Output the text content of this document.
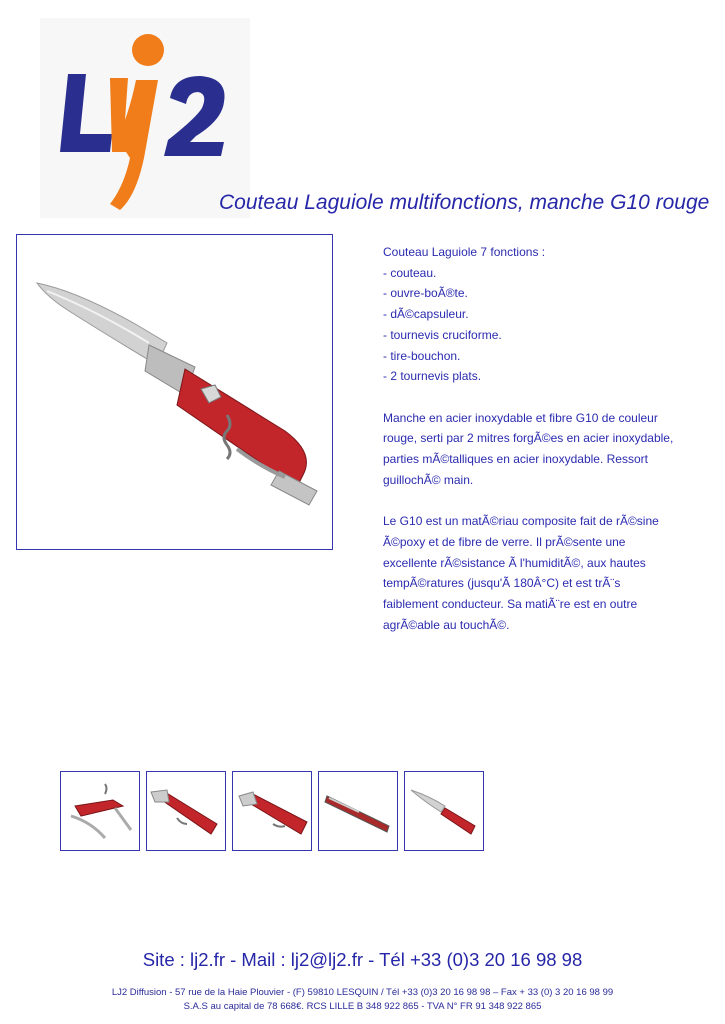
.fr
Couteau Laguiole multifonctions, manche G10 rouge

Couteau Laguiole 7 fonctions :

- couteau.

- ouvre-boÃ®te.

- dÃ©capsuleur.

- tournevis cruciforme.

- tire-bouchon.

- 2 tournevis plats.

Manche en acier inoxydable et fibre G10 de couleur

rouge, serti par 2 mitres forgÃ©es en acier inoxydable,

parties mÃ©talliques en acier inoxydable. Ressort

guillochÃ© main.

Le G10 est un matÃ©riau composite fait de rÃ©sine

Ã©poxy et de fibre de verre. Il prÃ©sente une

excellente rÃ©sistance Ã l'humiditÃ©, aux hautes

tempÃ©ratures (jusqu'Ã 180Â°C) et est trÃ¨s

faiblement conducteur. Sa matiÃ¨re est en outre

agrÃ©able au touchÃ©.

Site : lj2.fr - Mail : lj2@lj2.fr - Tél +33 (0)3 20 16 98 98
LJ2 Diffusion - 57 rue de la Haie Plouvier - (F) 59810 LESQUIN / Tél +33 (0)3 20 16 98 98 – Fax + 33 (0) 3 20 16 98 99
S.A.S au capital de 78 668€. RCS LILLE B 348 922 865 - TVA N° FR 91 348 922 865
